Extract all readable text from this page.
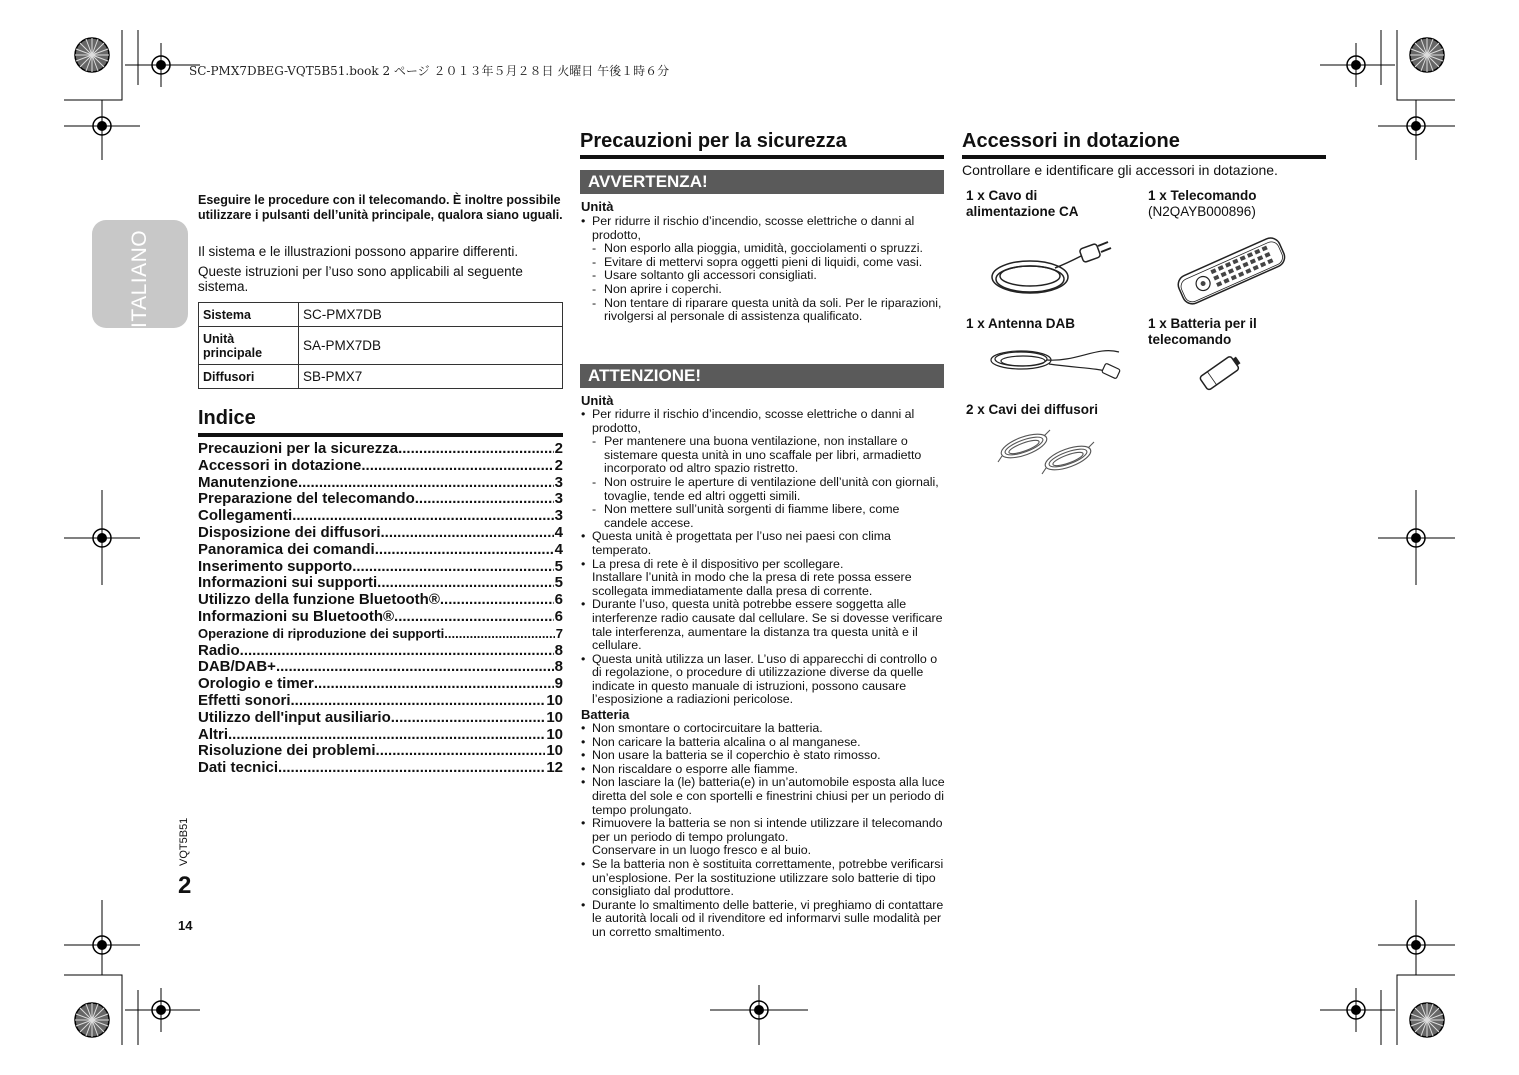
SC-PMX7DBEG-VQT5B51.book 2 ページ ２０１３年５月２８日 火曜日 午後１時６分
ITALIANO
VQT5B51
2
14
Eseguire le procedure con il telecomando. È inoltre possibile utilizzare i pulsanti dell’unità principale, qualora siano uguali.
Il sistema e le illustrazioni possono apparire differenti.
Queste istruzioni per l’uso sono applicabili al seguente sistema.
Sistema	SC-PMX7DB
Unità principale	SA-PMX7DB
Diffusori	SB-PMX7
Indice
Precauzioni per la sicurezza .....	2
Accessori in dotazione .....	2
Manutenzione .....	3
Preparazione del telecomando .....	3
Collegamenti .....	3
Disposizione dei diffusori .....	4
Panoramica dei comandi .....	4
Inserimento supporto .....	5
Informazioni sui supporti .....	5
Utilizzo della funzione Bluetooth® .....	6
Informazioni su Bluetooth® .....	6
Operazione di riproduzione dei supporti .....	7
Radio .....	8
DAB/DAB+ .....	8
Orologio e timer .....	9
Effetti sonori .....	10
Utilizzo dell'input ausiliario .....	10
Altri .....	10
Risoluzione dei problemi .....	10
Dati tecnici .....	12
Precauzioni per la sicurezza
AVVERTENZA!
Unità
• Per ridurre il rischio d’incendio, scosse elettriche o danni al prodotto,
- Non esporlo alla pioggia, umidità, gocciolamenti o spruzzi.
- Evitare di mettervi sopra oggetti pieni di liquidi, come vasi.
- Usare soltanto gli accessori consigliati.
- Non aprire i coperchi.
- Non tentare di riparare questa unità da soli. Per le riparazioni, rivolgersi al personale di assistenza qualificato.
ATTENZIONE!
Unità
• Per ridurre il rischio d’incendio, scosse elettriche o danni al prodotto,
- Per mantenere una buona ventilazione, non installare o sistemare questa unità in uno scaffale per libri, armadietto incorporato od altro spazio ristretto.
- Non ostruire le aperture di ventilazione dell’unità con giornali, tovaglie, tende ed altri oggetti simili.
- Non mettere sull’unità sorgenti di fiamme libere, come candele accese.
• Questa unità è progettata per l’uso nei paesi con clima temperato.
• La presa di rete è il dispositivo per scollegare.
Installare l’unità in modo che la presa di rete possa essere scollegata immediatamente dalla presa di corrente.
• Durante l’uso, questa unità potrebbe essere soggetta alle interferenze radio causate dal cellulare. Se si dovesse verificare tale interferenza, aumentare la distanza tra questa unità e il cellulare.
• Questa unità utilizza un laser. L’uso di apparecchi di controllo o di regolazione, o procedure di utilizzazione diverse da quelle indicate in questo manuale di istruzioni, possono causare l’esposizione a radiazioni pericolose.
Batteria
• Non smontare o cortocircuitare la batteria.
• Non caricare la batteria alcalina o al manganese.
• Non usare la batteria se il coperchio è stato rimosso.
• Non riscaldare o esporre alle fiamme.
• Non lasciare la (le) batteria(e) in un’automobile esposta alla luce diretta del sole e con sportelli e finestrini chiusi per un periodo di tempo prolungato.
• Rimuovere la batteria se non si intende utilizzare il telecomando per un periodo di tempo prolungato.
Conservare in un luogo fresco e al buio.
• Se la batteria non è sostituita correttamente, potrebbe verificarsi un’esplosione. Per la sostituzione utilizzare solo batterie di tipo consigliato dal produttore.
• Durante lo smaltimento delle batterie, vi preghiamo di contattare le autorità locali od il rivenditore ed informarvi sulle modalità per un corretto smaltimento.
Accessori in dotazione
Controllare e identificare gli accessori in dotazione.
1 x Cavo di alimentazione CA
1 x Telecomando
(N2QAYB000896)
1 x Antenna DAB	1 x Batteria per il telecomando
2 x Cavi dei diffusori
